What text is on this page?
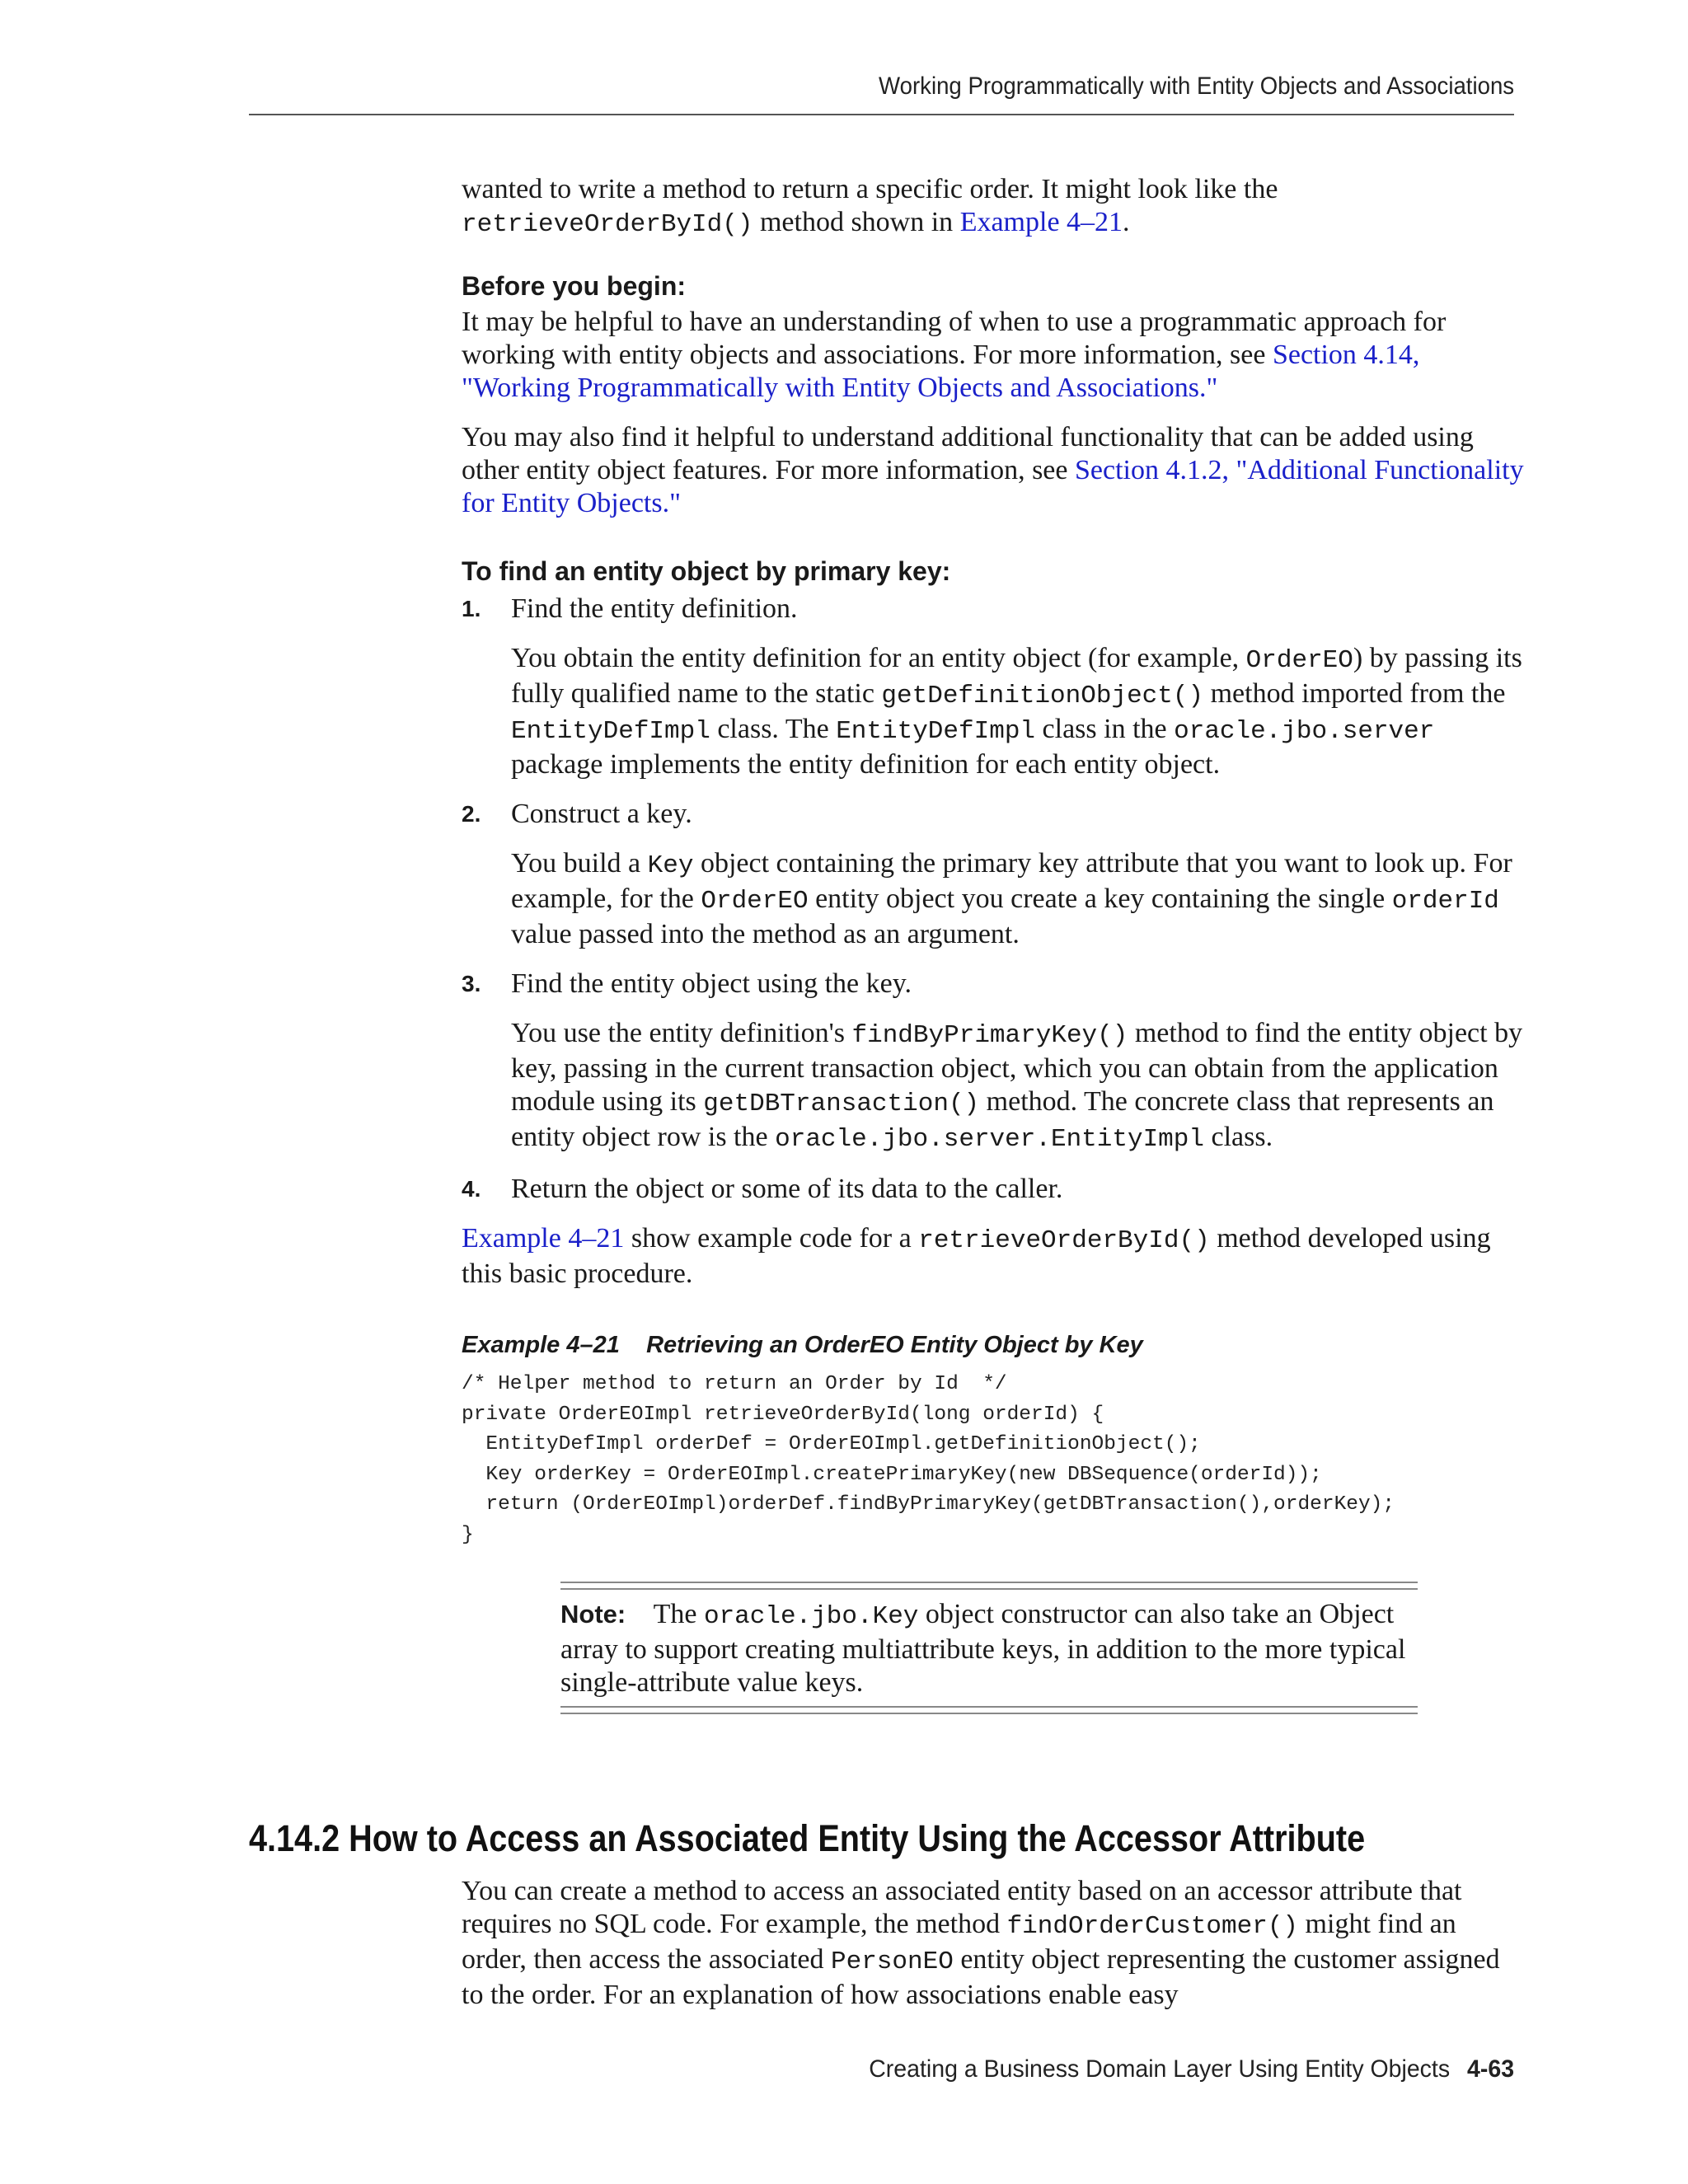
Working Programmatically with Entity Objects and Associations

wanted to write a method to return a specific order. It might look like the
retrieveOrderById() method shown in Example 4–21.

Before you begin:

It may be helpful to have an understanding of when to use a programmatic approach for working with entity objects and associations. For more information, see Section 4.14, "Working Programmatically with Entity Objects and Associations."

You may also find it helpful to understand additional functionality that can be added using other entity object features. For more information, see Section 4.1.2, "Additional Functionality for Entity Objects."

To find an entity object by primary key:
1. Find the entity definition.

You obtain the entity definition for an entity object (for example, OrderEO) by passing its fully qualified name to the static getDefinitionObject() method imported from the EntityDefImpl class. The EntityDefImpl class in the oracle.jbo.server package implements the entity definition for each entity object.

2. Construct a key.

You build a Key object containing the primary key attribute that you want to look up. For example, for the OrderEO entity object you create a key containing the single orderId value passed into the method as an argument.

3. Find the entity object using the key.

You use the entity definition's findByPrimaryKey() method to find the entity object by key, passing in the current transaction object, which you can obtain from the application module using its getDBTransaction() method. The concrete class that represents an entity object row is the oracle.jbo.server.EntityImpl class.

4. Return the object or some of its data to the caller.

Example 4–21 show example code for a retrieveOrderById() method developed using this basic procedure.

Example 4–21    Retrieving an OrderEO Entity Object by Key
/* Helper method to return an Order by Id  */
private OrderEOImpl retrieveOrderById(long orderId) {
EntityDefImpl orderDef = OrderEOImpl.getDefinitionObject();
Key orderKey = OrderEOImpl.createPrimaryKey(new DBSequence(orderId));
return (OrderEOImpl)orderDef.findByPrimaryKey(getDBTransaction(),orderKey);
}

Note: The oracle.jbo.Key object constructor can also take an Object array to support creating multiattribute keys, in addition to the more typical single-attribute value keys.

4.14.2 How to Access an Associated Entity Using the Accessor Attribute

You can create a method to access an associated entity based on an accessor attribute that requires no SQL code. For example, the method findOrderCustomer() might find an order, then access the associated PersonEO entity object representing the customer assigned to the order. For an explanation of how associations enable easy

Creating a Business Domain Layer Using Entity Objects 4-63
